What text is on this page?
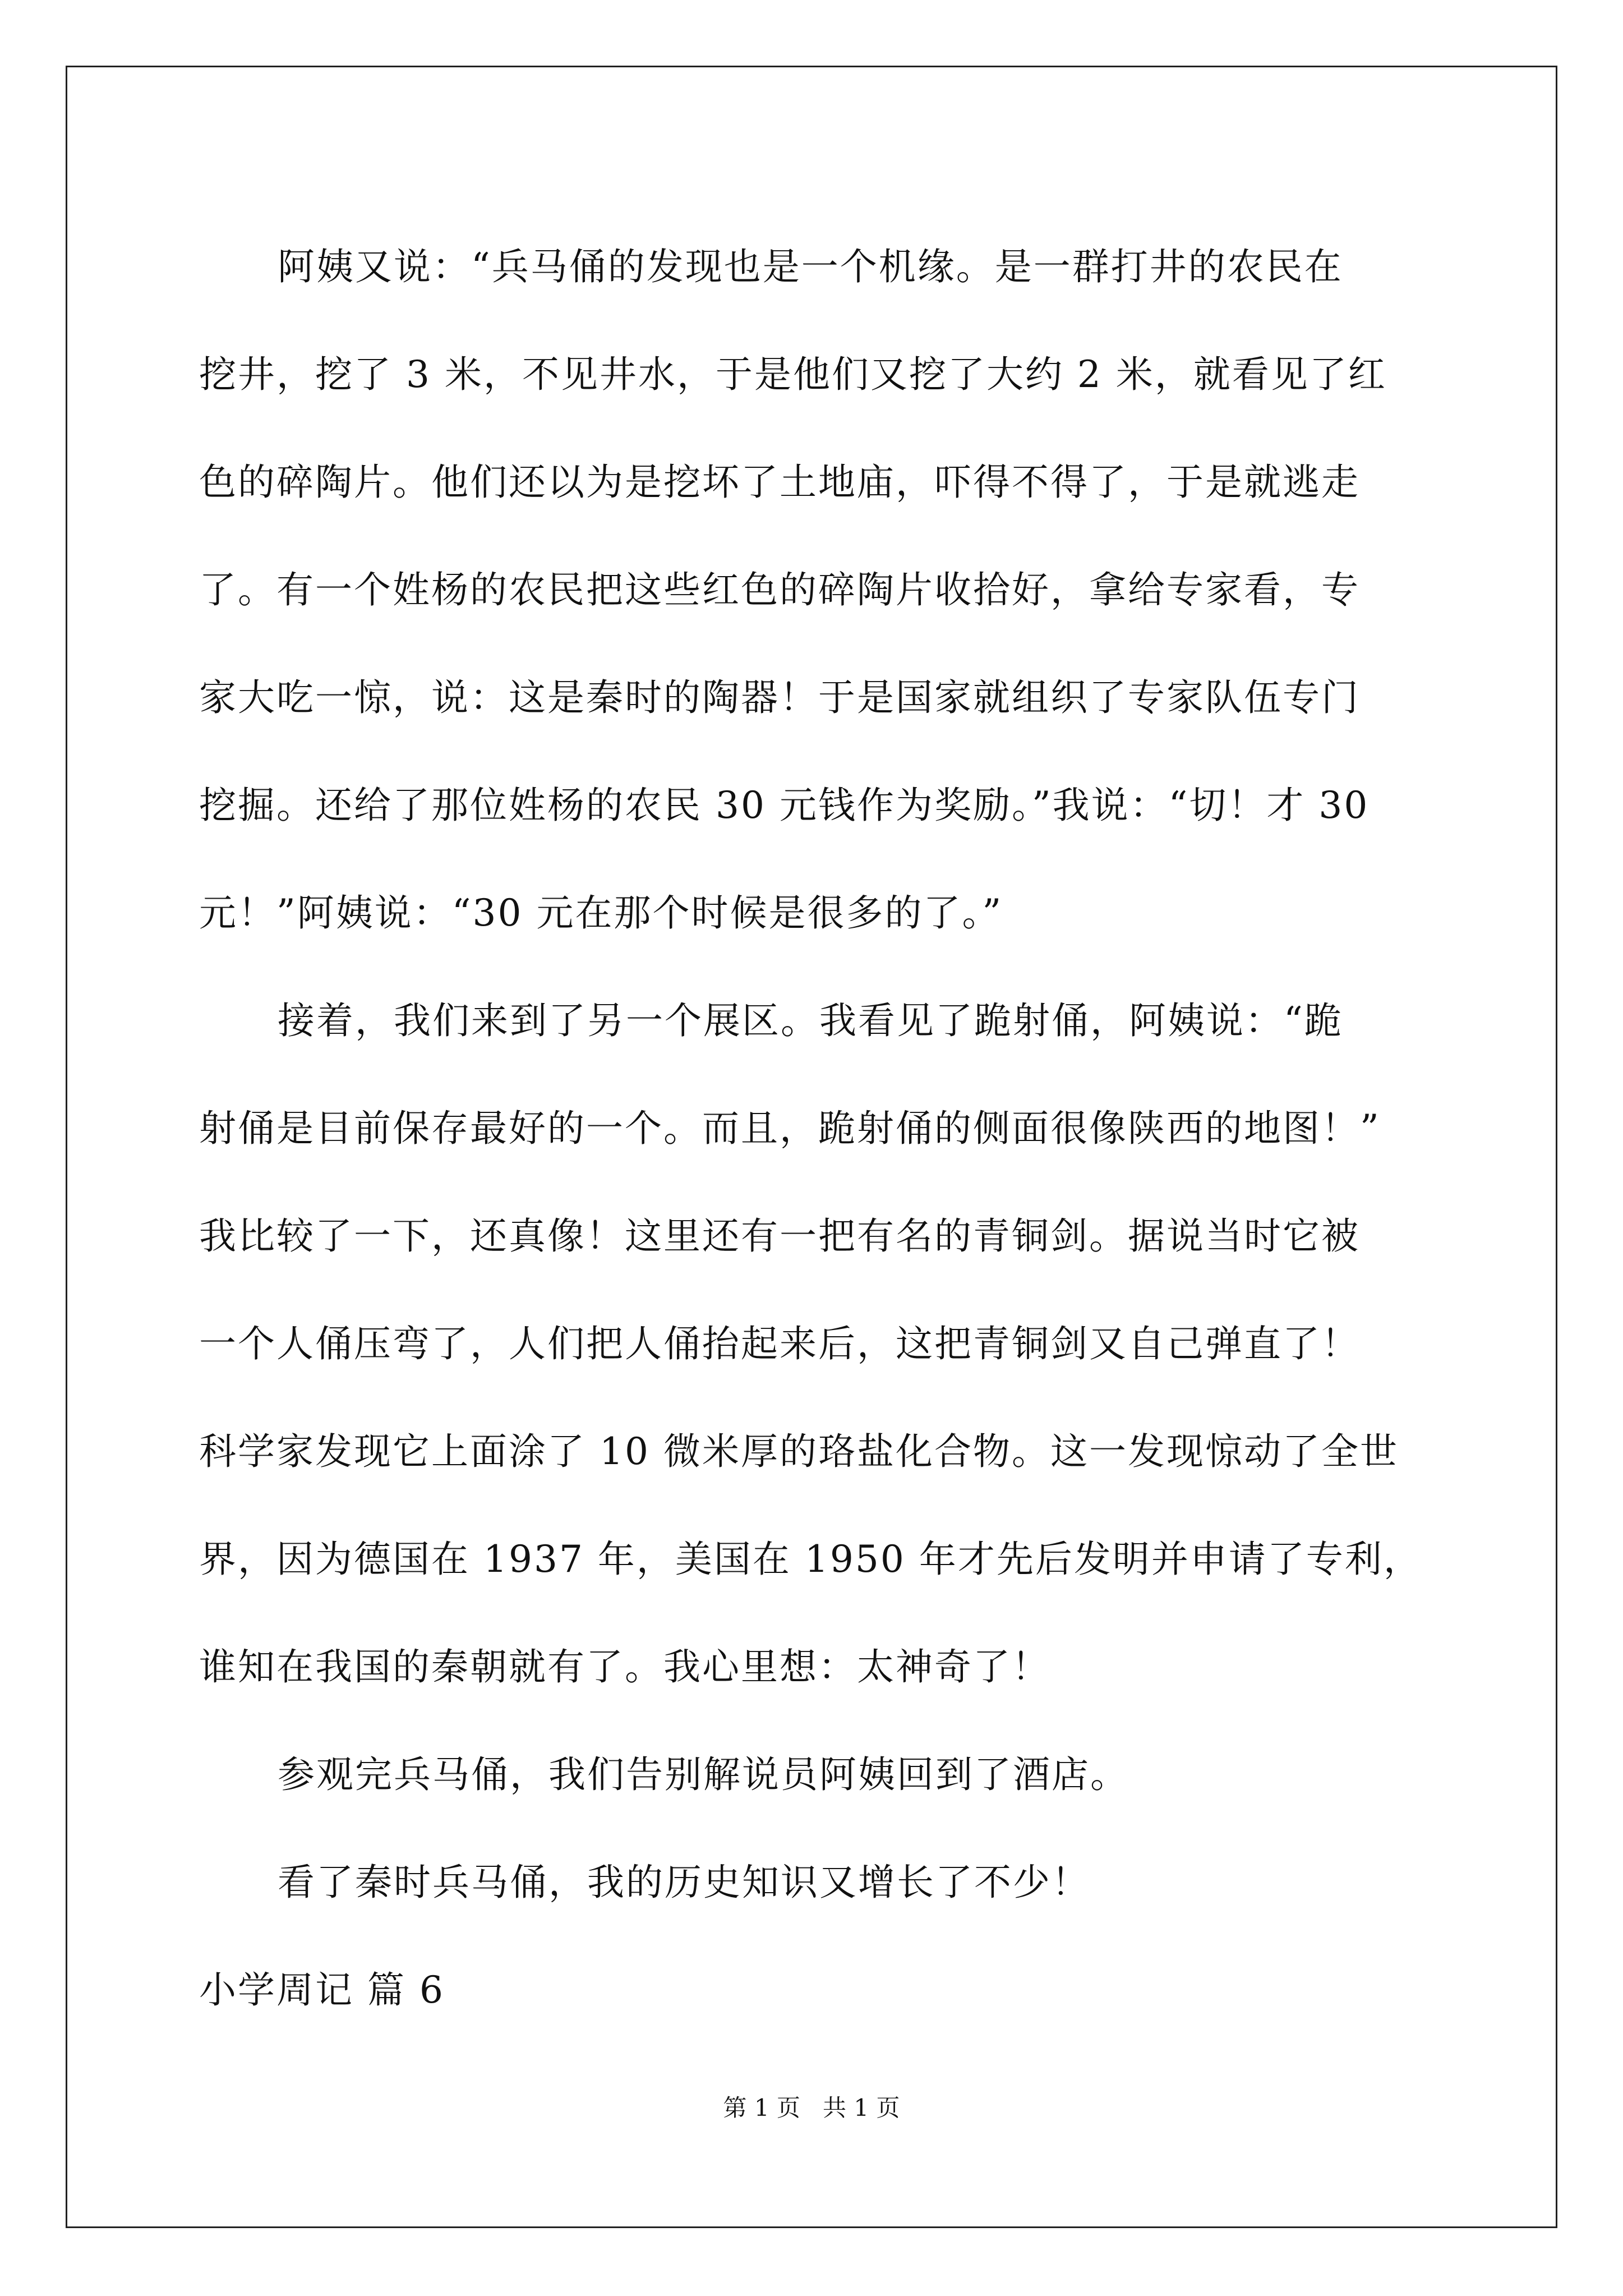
阿姨又说：“兵马俑的发现也是一个机缘。是一群打井的农民在
挖井，挖了 3 米，不见井水，于是他们又挖了大约 2 米，就看见了红
色的碎陶片。他们还以为是挖坏了土地庙，吓得不得了，于是就逃走
了。有一个姓杨的农民把这些红色的碎陶片收拾好，拿给专家看，专
家大吃一惊，说：这是秦时的陶器！于是国家就组织了专家队伍专门
挖掘。还给了那位姓杨的农民 30 元钱作为奖励。”我说：“切！才 30
元！”阿姨说：“30 元在那个时候是很多的了。”
接着，我们来到了另一个展区。我看见了跪射俑，阿姨说：“跪
射俑是目前保存最好的一个。而且，跪射俑的侧面很像陕西的地图！”
我比较了一下，还真像！这里还有一把有名的青铜剑。据说当时它被
一个人俑压弯了，人们把人俑抬起来后，这把青铜剑又自己弹直了！
科学家发现它上面涂了 10 微米厚的珞盐化合物。这一发现惊动了全世
界，因为德国在 1937 年，美国在 1950 年才先后发明并申请了专利，
谁知在我国的秦朝就有了。我心里想：太神奇了！
参观完兵马俑，我们告别解说员阿姨回到了酒店。
看了秦时兵马俑，我的历史知识又增长了不少！
小学周记 篇 6
第 1 页   共 1 页
